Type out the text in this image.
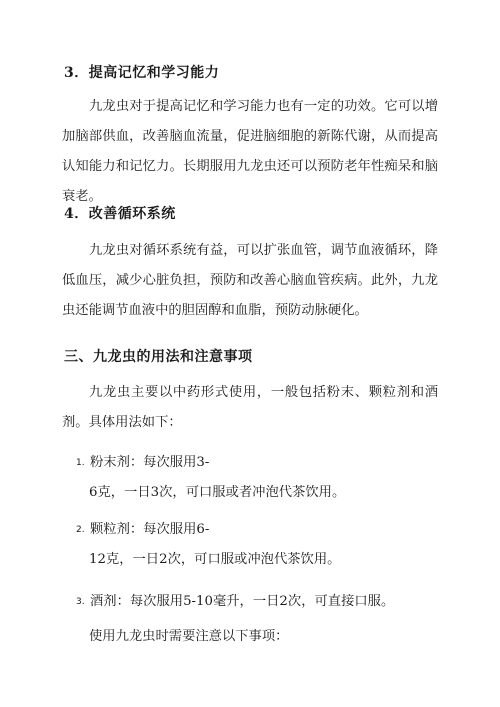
3．提高记忆和学习能力
九龙虫对于提高记忆和学习能力也有一定的功效。它可以增加脑部供血，改善脑血流量，促进脑细胞的新陈代谢，从而提高认知能力和记忆力。长期服用九龙虫还可以预防老年性痴呆和脑衰老。
4．改善循环系统
九龙虫对循环系统有益，可以扩张血管，调节血液循环，降低血压，减少心脏负担，预防和改善心脑血管疾病。此外，九龙虫还能调节血液中的胆固醇和血脂，预防动脉硬化。
三、九龙虫的用法和注意事项
九龙虫主要以中药形式使用，一般包括粉末、颗粒剂和酒剂。具体用法如下：
1. 粉末剂：每次服用3-
6克，一日3次，可口服或者冲泡代茶饮用。
2. 颗粒剂：每次服用6-
12克，一日2次，可口服或冲泡代茶饮用。
3. 酒剂：每次服用5-10毫升，一日2次，可直接口服。
使用九龙虫时需要注意以下事项：
